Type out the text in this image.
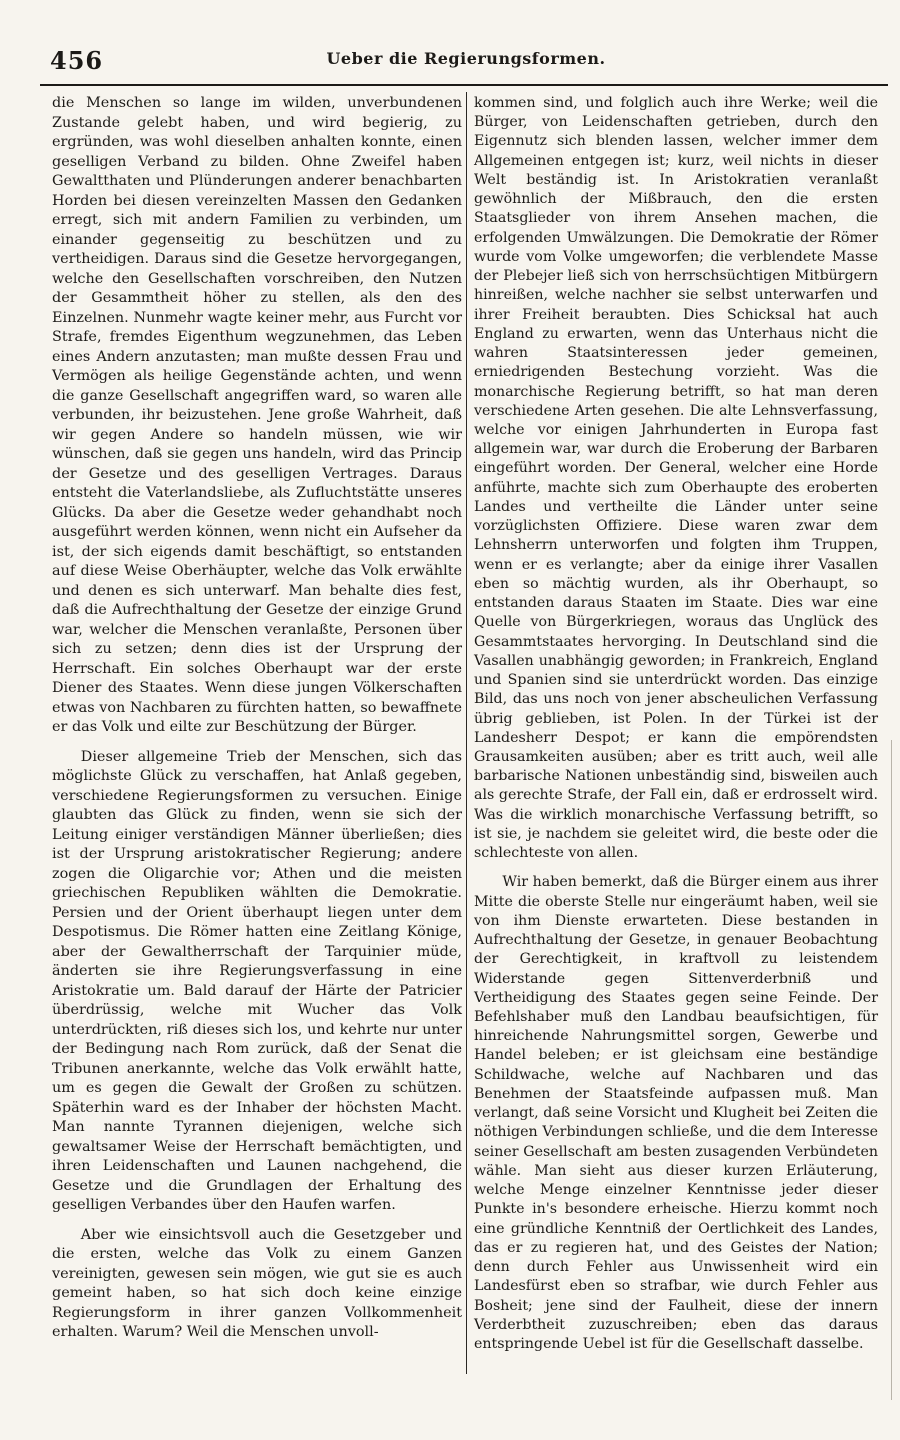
456	Ueber die Regierungsformen.

die Menschen so lange im wilden, unverbundenen Zustande gelebt haben, und wird begierig, zu ergründen, was wohl dieselben anhalten konnte, einen geselligen Verband zu bilden. Ohne Zweifel haben Gewaltthaten und Plünderungen anderer benachbarten Horden bei diesen vereinzelten Massen den Gedanken erregt, sich mit andern Familien zu verbinden, um einander gegenseitig zu beschützen und zu vertheidigen. Daraus sind die Gesetze hervorgegangen, welche den Gesellschaften vorschreiben, den Nutzen der Gesammtheit höher zu stellen, als den des Einzelnen. Nunmehr wagte keiner mehr, aus Furcht vor Strafe, fremdes Eigenthum wegzunehmen, das Leben eines Andern anzutasten; man mußte dessen Frau und Vermögen als heilige Gegenstände achten, und wenn die ganze Gesellschaft angegriffen ward, so waren alle verbunden, ihr beizustehen. Jene große Wahrheit, daß wir gegen Andere so handeln müssen, wie wir wünschen, daß sie gegen uns handeln, wird das Princip der Gesetze und des geselligen Vertrages. Daraus entsteht die Vaterlandsliebe, als Zufluchtstätte unseres Glücks. Da aber die Gesetze weder gehandhabt noch ausgeführt werden können, wenn nicht ein Aufseher da ist, der sich eigends damit beschäftigt, so entstanden auf diese Weise Oberhäupter, welche das Volk erwählte und denen es sich unterwarf. Man behalte dies fest, daß die Aufrechthaltung der Gesetze der einzige Grund war, welcher die Menschen veranlaßte, Personen über sich zu setzen; denn dies ist der Ursprung der Herrschaft. Ein solches Oberhaupt war der erste Diener des Staates. Wenn diese jungen Völkerschaften etwas von Nachbaren zu fürchten hatten, so bewaffnete er das Volk und eilte zur Beschützung der Bürger.

Dieser allgemeine Trieb der Menschen, sich das möglichste Glück zu verschaffen, hat Anlaß gegeben, verschiedene Regierungsformen zu versuchen. Einige glaubten das Glück zu finden, wenn sie sich der Leitung einiger verständigen Männer überließen; dies ist der Ursprung aristokratischer Regierung; andere zogen die Oligarchie vor; Athen und die meisten griechischen Republiken wählten die Demokratie. Persien und der Orient überhaupt liegen unter dem Despotismus. Die Römer hatten eine Zeitlang Könige, aber der Gewaltherrschaft der Tarquinier müde, änderten sie ihre Regierungsverfassung in eine Aristokratie um. Bald darauf der Härte der Patricier überdrüssig, welche mit Wucher das Volk unterdrückten, riß dieses sich los, und kehrte nur unter der Bedingung nach Rom zurück, daß der Senat die Tribunen anerkannte, welche das Volk erwählt hatte, um es gegen die Gewalt der Großen zu schützen. Späterhin ward es der Inhaber der höchsten Macht. Man nannte Tyrannen diejenigen, welche sich gewaltsamer Weise der Herrschaft bemächtigten, und ihren Leidenschaften und Launen nachgehend, die Gesetze und die Grundlagen der Erhaltung des geselligen Verbandes über den Haufen warfen.

Aber wie einsichtsvoll auch die Gesetzgeber und die ersten, welche das Volk zu einem Ganzen vereinigten, gewesen sein mögen, wie gut sie es auch gemeint haben, so hat sich doch keine einzige Regierungsform in ihrer ganzen Vollkommenheit erhalten. Warum? Weil die Menschen unvoll-

kommen sind, und folglich auch ihre Werke; weil die Bürger, von Leidenschaften getrieben, durch den Eigennutz sich blenden lassen, welcher immer dem Allgemeinen entgegen ist; kurz, weil nichts in dieser Welt beständig ist. In Aristokratien veranlaßt gewöhnlich der Mißbrauch, den die ersten Staatsglieder von ihrem Ansehen machen, die erfolgenden Umwälzungen. Die Demokratie der Römer wurde vom Volke umgeworfen; die verblendete Masse der Plebejer ließ sich von herrschsüchtigen Mitbürgern hinreißen, welche nachher sie selbst unterwarfen und ihrer Freiheit beraubten. Dies Schicksal hat auch England zu erwarten, wenn das Unterhaus nicht die wahren Staatsinteressen jeder gemeinen, erniedrigenden Bestechung vorzieht. Was die monarchische Regierung betrifft, so hat man deren verschiedene Arten gesehen. Die alte Lehnsverfassung, welche vor einigen Jahrhunderten in Europa fast allgemein war, war durch die Eroberung der Barbaren eingeführt worden. Der General, welcher eine Horde anführte, machte sich zum Oberhaupte des eroberten Landes und vertheilte die Länder unter seine vorzüglichsten Offiziere. Diese waren zwar dem Lehnsherrn unterworfen und folgten ihm Truppen, wenn er es verlangte; aber da einige ihrer Vasallen eben so mächtig wurden, als ihr Oberhaupt, so entstanden daraus Staaten im Staate. Dies war eine Quelle von Bürgerkriegen, woraus das Unglück des Gesammtstaates hervorging. In Deutschland sind die Vasallen unabhängig geworden; in Frankreich, England und Spanien sind sie unterdrückt worden. Das einzige Bild, das uns noch von jener abscheulichen Verfassung übrig geblieben, ist Polen. In der Türkei ist der Landesherr Despot; er kann die empörendsten Grausamkeiten ausüben; aber es tritt auch, weil alle barbarische Nationen unbeständig sind, bisweilen auch als gerechte Strafe, der Fall ein, daß er erdrosselt wird. Was die wirklich monarchische Verfassung betrifft, so ist sie, je nachdem sie geleitet wird, die beste oder die schlechteste von allen.

Wir haben bemerkt, daß die Bürger einem aus ihrer Mitte die oberste Stelle nur eingeräumt haben, weil sie von ihm Dienste erwarteten. Diese bestanden in Aufrechthaltung der Gesetze, in genauer Beobachtung der Gerechtigkeit, in kraftvoll zu leistendem Widerstande gegen Sittenverderbniß und Vertheidigung des Staates gegen seine Feinde. Der Befehlshaber muß den Landbau beaufsichtigen, für hinreichende Nahrungsmittel sorgen, Gewerbe und Handel beleben; er ist gleichsam eine beständige Schildwache, welche auf Nachbaren und das Benehmen der Staatsfeinde aufpassen muß. Man verlangt, daß seine Vorsicht und Klugheit bei Zeiten die nöthigen Verbindungen schließe, und die dem Interesse seiner Gesellschaft am besten zusagenden Verbündeten wähle. Man sieht aus dieser kurzen Erläuterung, welche Menge einzelner Kenntnisse jeder dieser Punkte in's besondere erheische. Hierzu kommt noch eine gründliche Kenntniß der Oertlichkeit des Landes, das er zu regieren hat, und des Geistes der Nation; denn durch Fehler aus Unwissenheit wird ein Landesfürst eben so strafbar, wie durch Fehler aus Bosheit; jene sind der Faulheit, diese der innern Verderbtheit zuzuschreiben; eben das daraus entspringende Uebel ist für die Gesellschaft dasselbe.
